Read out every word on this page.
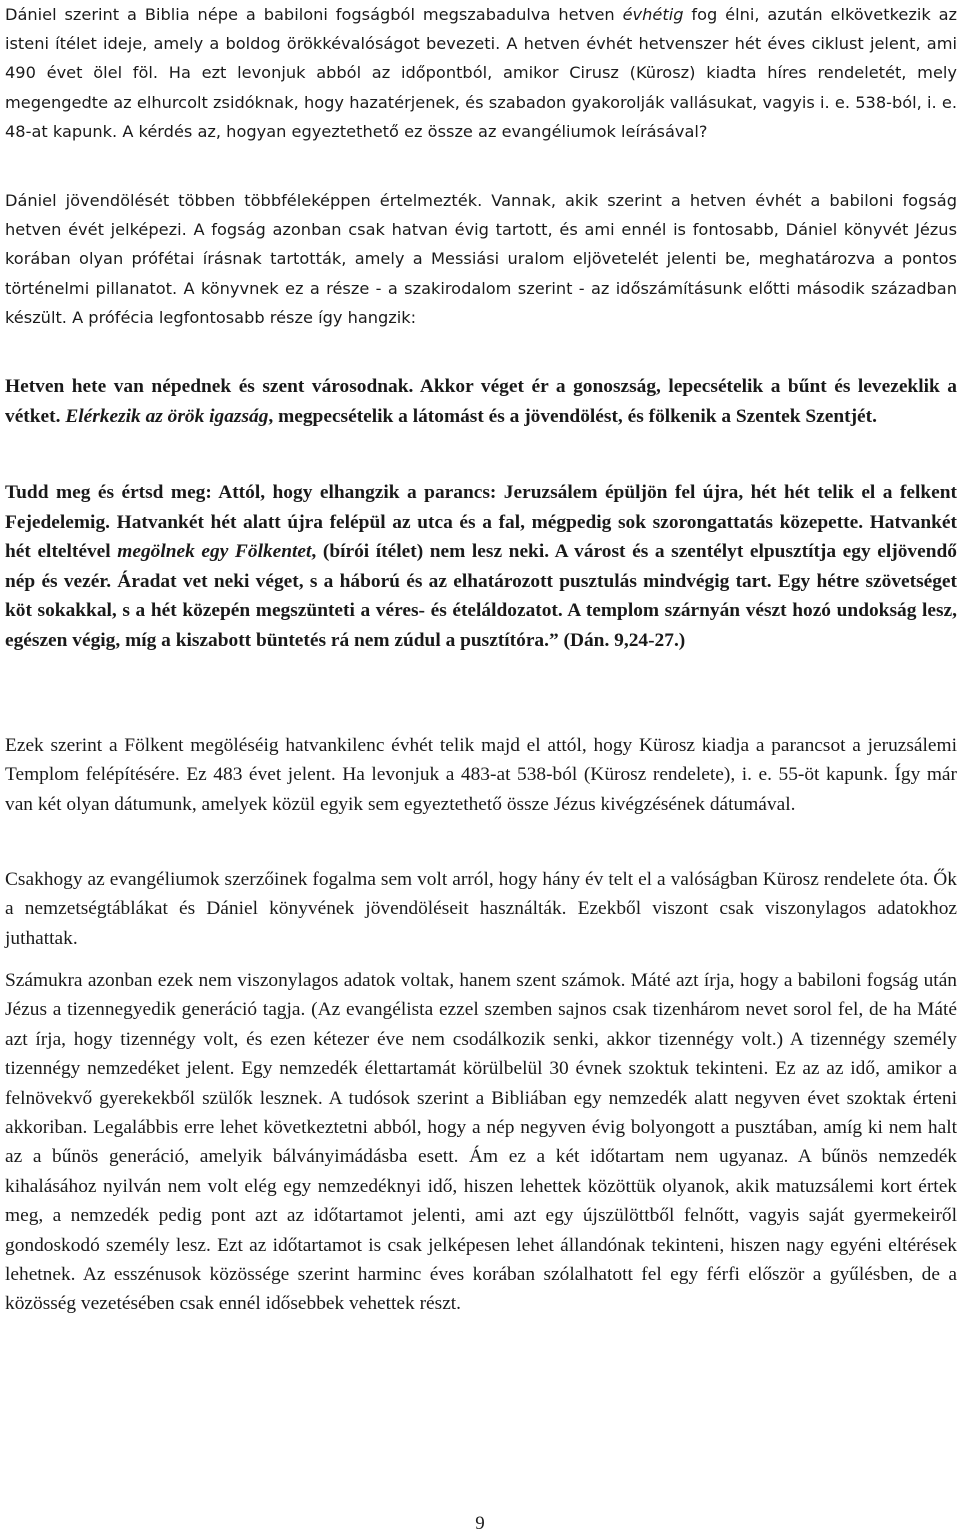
Dániel szerint a Biblia népe a babiloni fogságból megszabadulva hetven évhétig fog élni, azután elkövetkezik az isteni ítélet ideje, amely a boldog örökkévalóságot bevezeti. A hetven évhét hetvenszer hét éves ciklust jelent, ami 490 évet ölel föl. Ha ezt levonjuk abból az időpontból, amikor Cirusz (Kürosz) kiadta híres rendeletét, mely megengedte az elhurcolt zsidóknak, hogy hazatérjenek, és szabadon gyakorolják vallásukat, vagyis i. e. 538-ból, i. e. 48-at kapunk. A kérdés az, hogyan egyeztethető ez össze az evangéliumok leírásával?

Dániel jövendölését többen többféleképpen értelmezték. Vannak, akik szerint a hetven évhét a babiloni fogság hetven évét jelképezi. A fogság azonban csak hatvan évig tartott, és ami ennél is fontosabb, Dániel könyvét Jézus korában olyan prófétai írásnak tartották, amely a Messiási uralom eljövetelét jelenti be, meghatározva a pontos történelmi pillanatot. A könyvnek ez a része - a szakirodalom szerint - az időszámításunk előtti második században készült. A prófécia legfontosabb része így hangzik:

Hetven hete van népednek és szent városodnak. Akkor véget ér a gonoszság, lepecsételik a bűnt és levezeklik a vétket. Elérkezik az örök igazság, megpecsételik a látomást és a jövendölést, és fölkenik a Szentek Szentjét.

Tudd meg és értsd meg: Attól, hogy elhangzik a parancs: Jeruzsálem épüljön fel újra, hét hét telik el a felkent Fejedelemig. Hatvankét hét alatt újra felépül az utca és a fal, mégpedig sok szorongattatás közepette. Hatvankét hét elteltével megölnek egy Fölkentet, (bírói ítélet) nem lesz neki. A várost és a szentélyt elpusztítja egy eljövendő nép és vezér. Áradat vet neki véget, s a háború és az elhatározott pusztulás mindvégig tart. Egy hétre szövetséget köt sokakkal, s a hét közepén megszünteti a véres- és ételáldozatot. A templom szárnyán vészt hozó undokság lesz, egészen végig, míg a kiszabott büntetés rá nem zúdul a pusztítóra.” (Dán. 9,24-27.)

Ezek szerint a Fölkent megöléséig hatvankilenc évhét telik majd el attól, hogy Kürosz kiadja a parancsot a jeruzsálemi Templom felépítésére. Ez 483 évet jelent. Ha levonjuk a 483-at 538-ból (Kürosz rendelete), i. e. 55-öt kapunk. Így már van két olyan dátumunk, amelyek közül egyik sem egyeztethető össze Jézus kivégzésének dátumával.

Csakhogy az evangéliumok szerzőinek fogalma sem volt arról, hogy hány év telt el a valóságban Kürosz rendelete óta. Ők a nemzetségtáblákat és Dániel könyvének jövendöléseit használták. Ezekből viszont csak viszonylagos adatokhoz juthattak.

Számukra azonban ezek nem viszonylagos adatok voltak, hanem szent számok. Máté azt írja, hogy a babiloni fogság után Jézus a tizennegyedik generáció tagja. (Az evangélista ezzel szemben sajnos csak tizenhárom nevet sorol fel, de ha Máté azt írja, hogy tizennégy volt, és ezen kétezer éve nem csodálkozik senki, akkor tizennégy volt.) A tizennégy személy tizennégy nemzedéket jelent. Egy nemzedék élettartamát körülbelül 30 évnek szoktuk tekinteni. Ez az az idő, amikor a felnövekvő gyerekekből szülők lesznek. A tudósok szerint a Bibliában egy nemzedék alatt negyven évet szoktak érteni akkoriban. Legalábbis erre lehet következtetni abból, hogy a nép negyven évig bolyongott a pusztában, amíg ki nem halt az a bűnös generáció, amelyik bálványimádásba esett. Ám ez a két időtartam nem ugyanaz. A bűnös nemzedék kihalásához nyilván nem volt elég egy nemzedéknyi idő, hiszen lehettek közöttük olyanok, akik matuzsálemi kort értek meg, a nemzedék pedig pont azt az időtartamot jelenti, ami azt egy újszülöttből felnőtt, vagyis saját gyermekeiről gondoskodó személy lesz. Ezt az időtartamot is csak jelképesen lehet állandónak tekinteni, hiszen nagy egyéni eltérések lehetnek. Az esszénusok közössége szerint harminc éves korában szólalhatott fel egy férfi először a gyűlésben, de a közösség vezetésében csak ennél idősebbek vehettek részt.

9
